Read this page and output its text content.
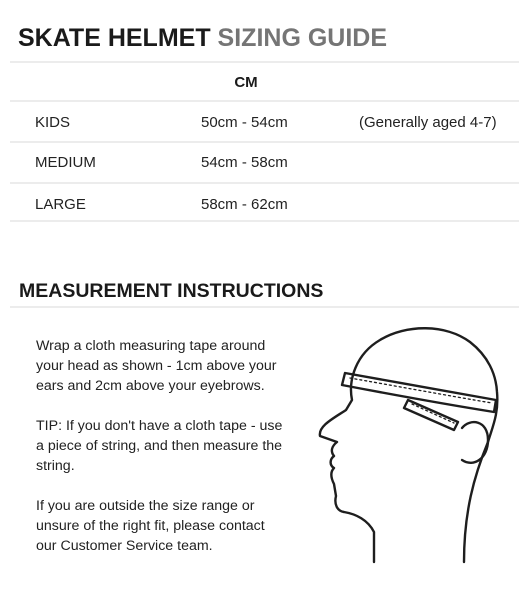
SKATE HELMET SIZING GUIDE
CM
KIDS	50cm - 54cm	(Generally aged 4-7)
MEDIUM	54cm - 58cm
LARGE	58cm - 62cm
MEASUREMENT INSTRUCTIONS

Wrap a cloth measuring tape around
your head as shown - 1cm above your
ears and 2cm above your eyebrows.

TIP: If you don't have a cloth tape - use
a piece of string, and then measure the
string.

If you are outside the size range or
unsure of the right fit, please contact
our Customer Service team.
